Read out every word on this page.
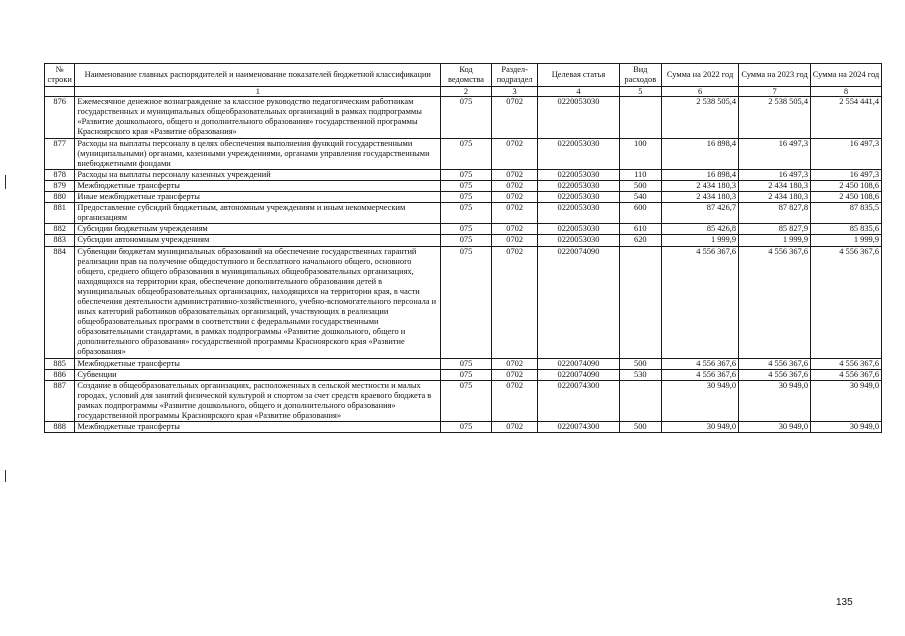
№ строки	Наименование главных распорядителей и наименование показателей бюджетной классификации	Код ведомства	Раздел-подраздел	Целевая статья	Вид расходов	Сумма на 2022 год	Сумма на 2023 год	Сумма на 2024 год
	1	2	3	4	5	6	7	8
876	Ежемесячное денежное вознаграждение за классное руководство педагогическим работникам государственных и муниципальных общеобразовательных организаций в рамках подпрограммы «Развитие дошкольного, общего и дополнительного образования» государственной программы Красноярского края «Развитие образования»	075	0702	0220053030		2 538 505,4	2 538 505,4	2 554 441,4
877	Расходы на выплаты персоналу в целях обеспечения выполнения функций государственными (муниципальными) органами, казенными учреждениями, органами управления государственными внебюджетными фондами	075	0702	0220053030	100	16 898,4	16 497,3	16 497,3
878	Расходы на выплаты персоналу казенных учреждений	075	0702	0220053030	110	16 898,4	16 497,3	16 497,3
879	Межбюджетные трансферты	075	0702	0220053030	500	2 434 180,3	2 434 180,3	2 450 108,6
880	Иные межбюджетные трансферты	075	0702	0220053030	540	2 434 180,3	2 434 180,3	2 450 108,6
881	Предоставление субсидий бюджетным, автономным учреждениям и иным некоммерческим организациям	075	0702	0220053030	600	87 426,7	87 827,8	87 835,5
882	Субсидии бюджетным учреждениям	075	0702	0220053030	610	85 426,8	85 827,9	85 835,6
883	Субсидии автономным учреждениям	075	0702	0220053030	620	1 999,9	1 999,9	1 999,9
884	Субвенции бюджетам муниципальных образований на обеспечение государственных гарантий реализации прав на получение общедоступного и бесплатного начального общего, основного общего, среднего общего образования в муниципальных общеобразовательных организациях, находящихся на территории края, обеспечение дополнительного образования детей в муниципальных общеобразовательных организациях, находящихся на территории края, в части обеспечения деятельности административно-хозяйственного, учебно-вспомогательного персонала и иных категорий работников образовательных организаций, участвующих в реализации общеобразовательных программ в соответствии с федеральными государственными образовательными стандартами, в рамках подпрограммы «Развитие дошкольного, общего и дополнительного образования» государственной программы Красноярского края «Развитие образования»	075	0702	0220074090		4 556 367,6	4 556 367,6	4 556 367,6
885	Межбюджетные трансферты	075	0702	0220074090	500	4 556 367,6	4 556 367,6	4 556 367,6
886	Субвенции	075	0702	0220074090	530	4 556 367,6	4 556 367,6	4 556 367,6
887	Создание в общеобразовательных организациях, расположенных в сельской местности и малых городах, условий для занятий физической культурой и спортом за счет средств краевого бюджета в рамках подпрограммы «Развитие дошкольного, общего и дополнительного образования» государственной программы Красноярского края «Развитие образования»	075	0702	0220074300		30 949,0	30 949,0	30 949,0
888	Межбюджетные трансферты	075	0702	0220074300	500	30 949,0	30 949,0	30 949,0
135
